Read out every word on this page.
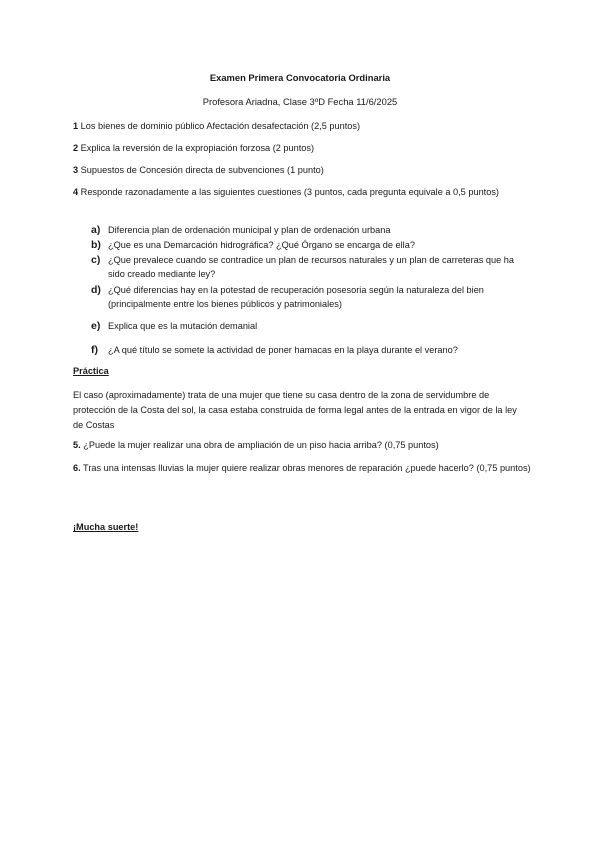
Examen Primera Convocatoria Ordinaria
Profesora Ariadna, Clase 3ºD Fecha 11/6/2025
1 Los bienes de dominio público Afectación desafectación (2,5 puntos)
2 Explica la reversión de la expropiación forzosa (2 puntos)
3 Supuestos de Concesión directa de subvenciones (1 punto)
4 Responde razonadamente a las siguientes cuestiones (3 puntos, cada pregunta equivale a 0,5 puntos)
a) Diferencia plan de ordenación municipal y plan de ordenación urbana
b) ¿Que es una Demarcación hidrográfica? ¿Qué Órgano se encarga de ella?
c) ¿Que prevalece cuando se contradice un plan de recursos naturales y un plan de carreteras que ha sido creado mediante ley?
d) ¿Qué diferencias hay en la potestad de recuperación posesoria según la naturaleza del bien (principalmente entre los bienes públicos y patrimoniales)
e) Explica que es la mutación demanial
f) ¿A qué título se somete la actividad de poner hamacas en la playa durante el verano?
Práctica
El caso (aproximadamente) trata de una mujer que tiene su casa dentro de la zona de servidumbre de protección de la Costa del sol, la casa estaba construida de forma legal antes de la entrada en vigor de la ley de Costas
5. ¿Puede la mujer realizar una obra de ampliación de un piso hacia arriba? (0,75 puntos)
6. Tras una intensas lluvias la mujer quiere realizar obras menores de reparación ¿puede hacerlo? (0,75 puntos)
¡Mucha suerte!
